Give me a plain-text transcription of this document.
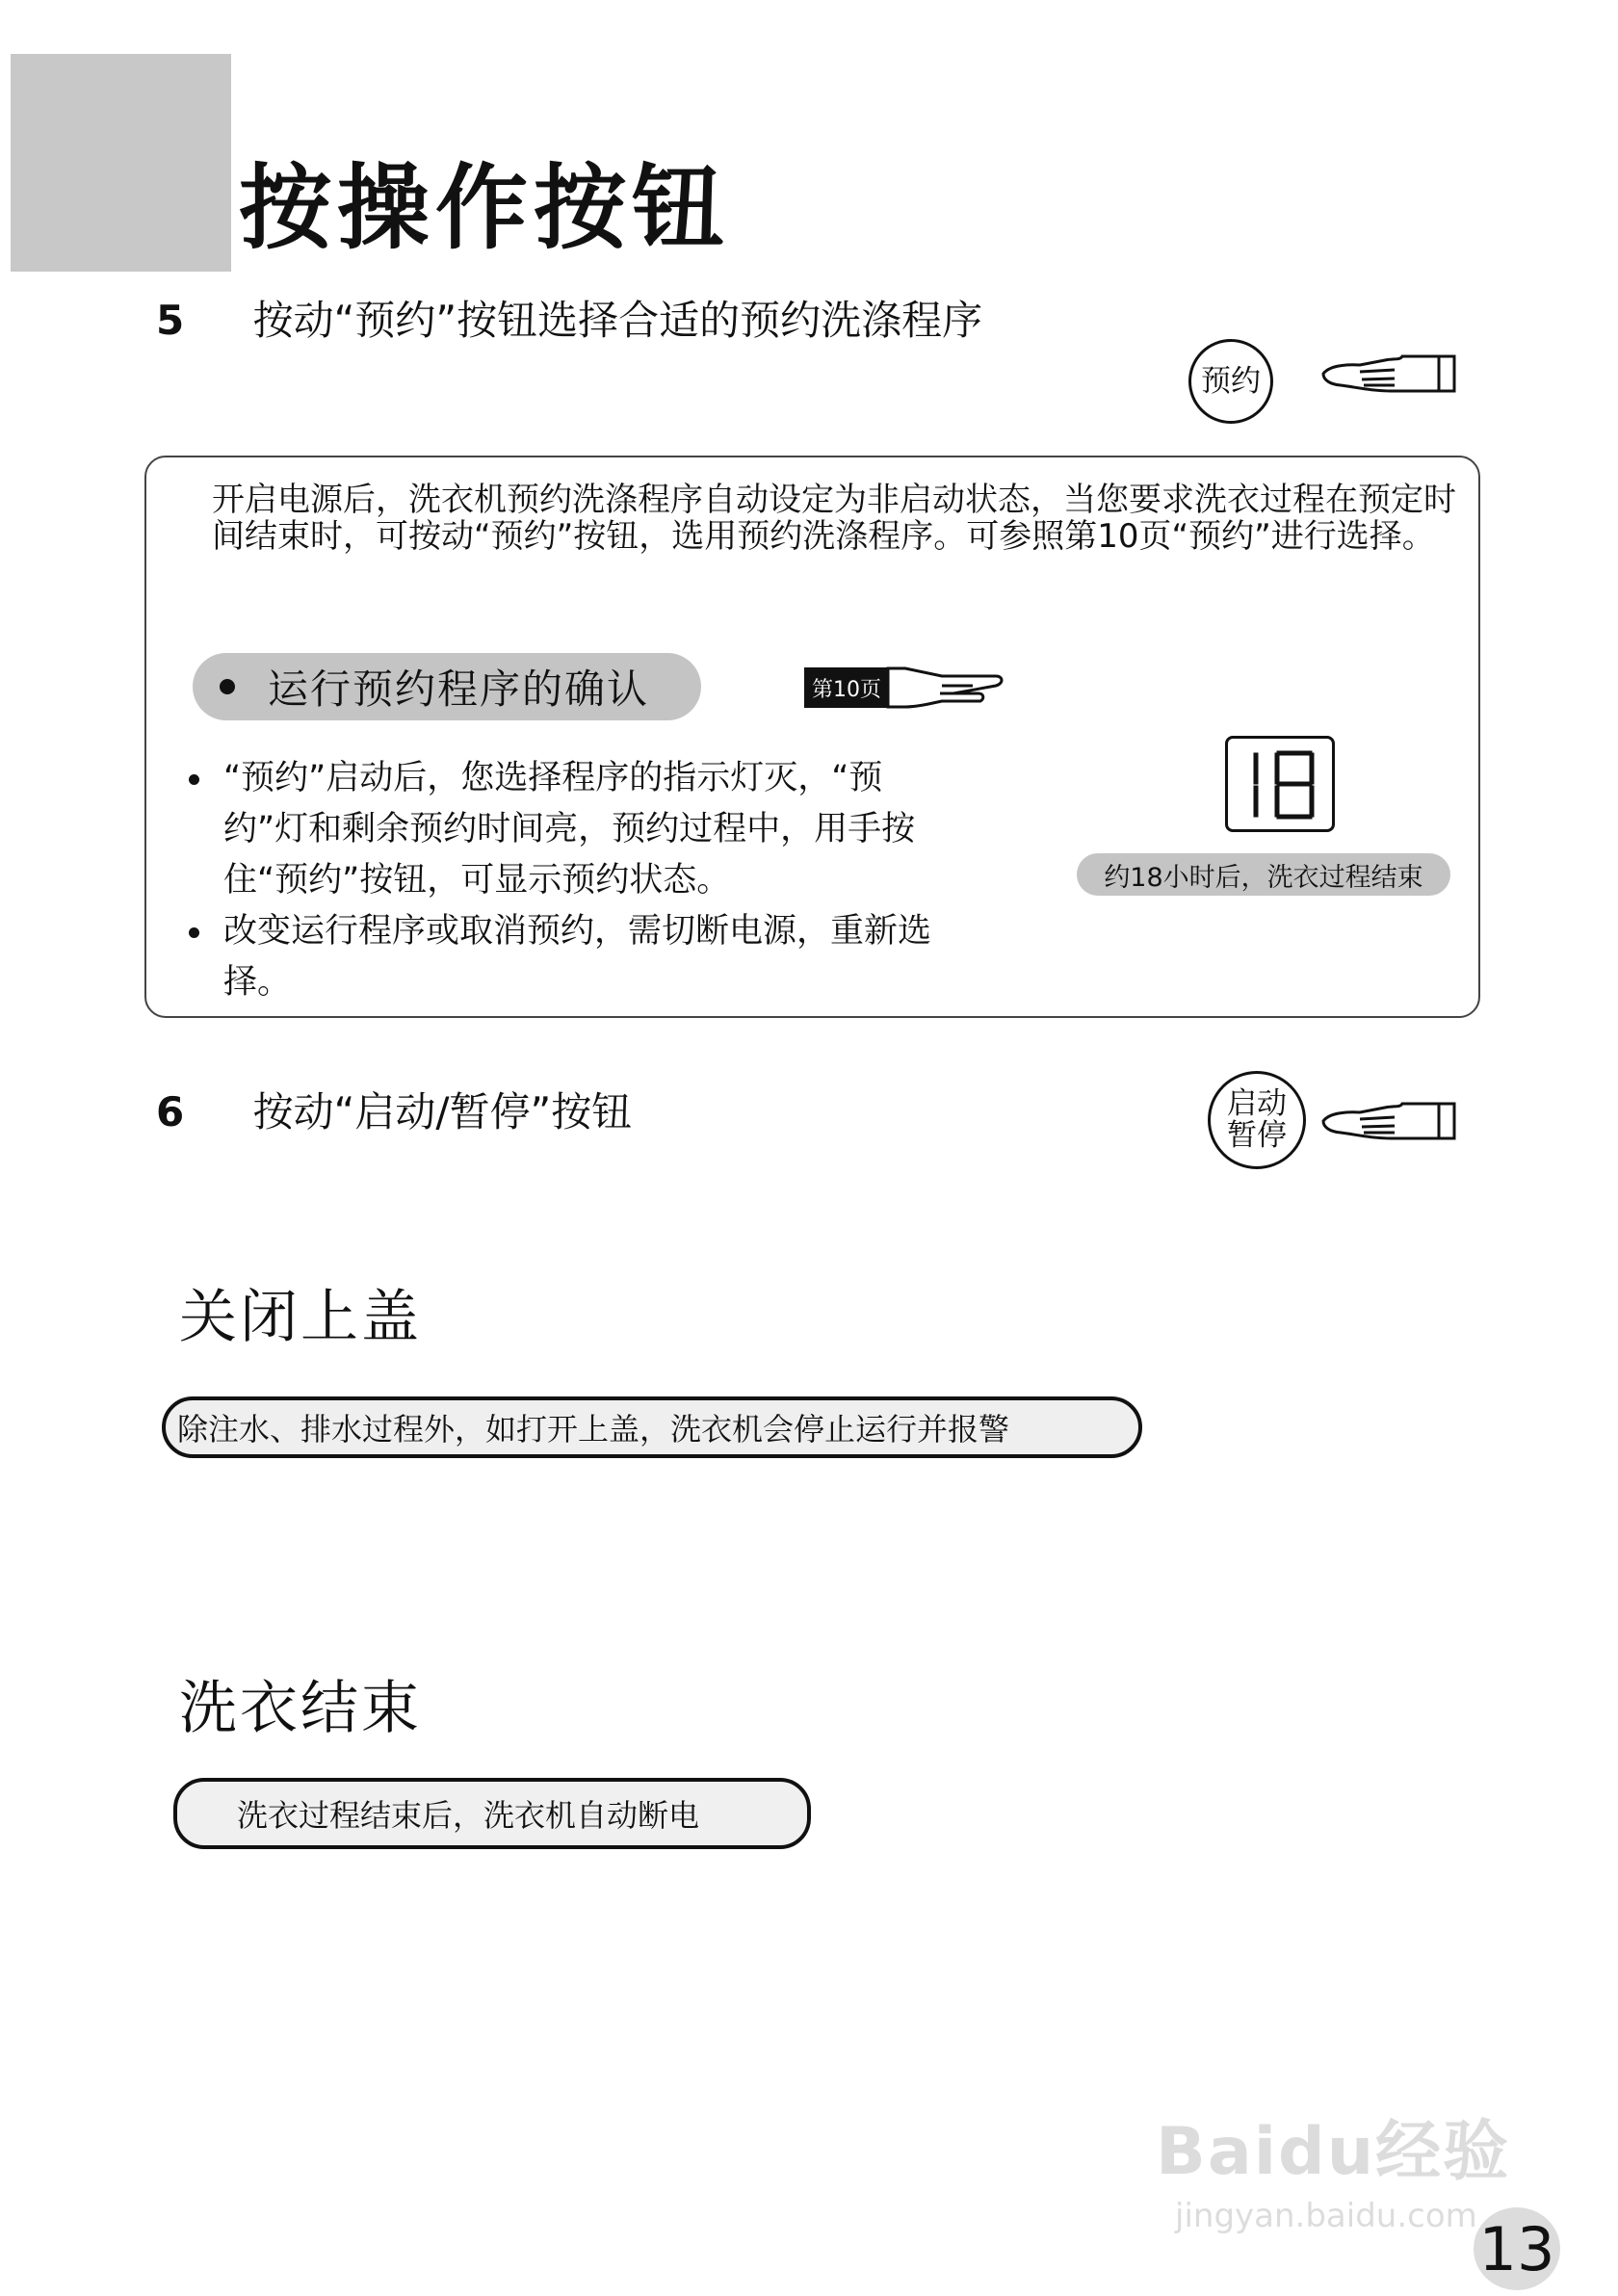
按操作按钮
5 按动“预约”按钮选择合适的预约洗涤程序
预约
开启电源后，洗衣机预约洗涤程序自动设定为非启动状态，当您要求洗衣过程在预定时间结束时，可按动“预约”按钮，选用预约洗涤程序。可参照第10页“预约”进行选择。
运行预约程序的确认	第10页
“预约”启动后，您选择程序的指示灯灭，“预约”灯和剩余预约时间亮，预约过程中，用手按住“预约”按钮，可显示预约状态。
改变运行程序或取消预约，需切断电源，重新选择。
约18小时后，洗衣过程结束
6 按动“启动/暂停”按钮	启动
暂停
关闭上盖
除注水、排水过程外，如打开上盖，洗衣机会停止运行并报警
洗衣结束
洗衣过程结束后，洗衣机自动断电
Baidu经验
jingyan.baidu.com 13
